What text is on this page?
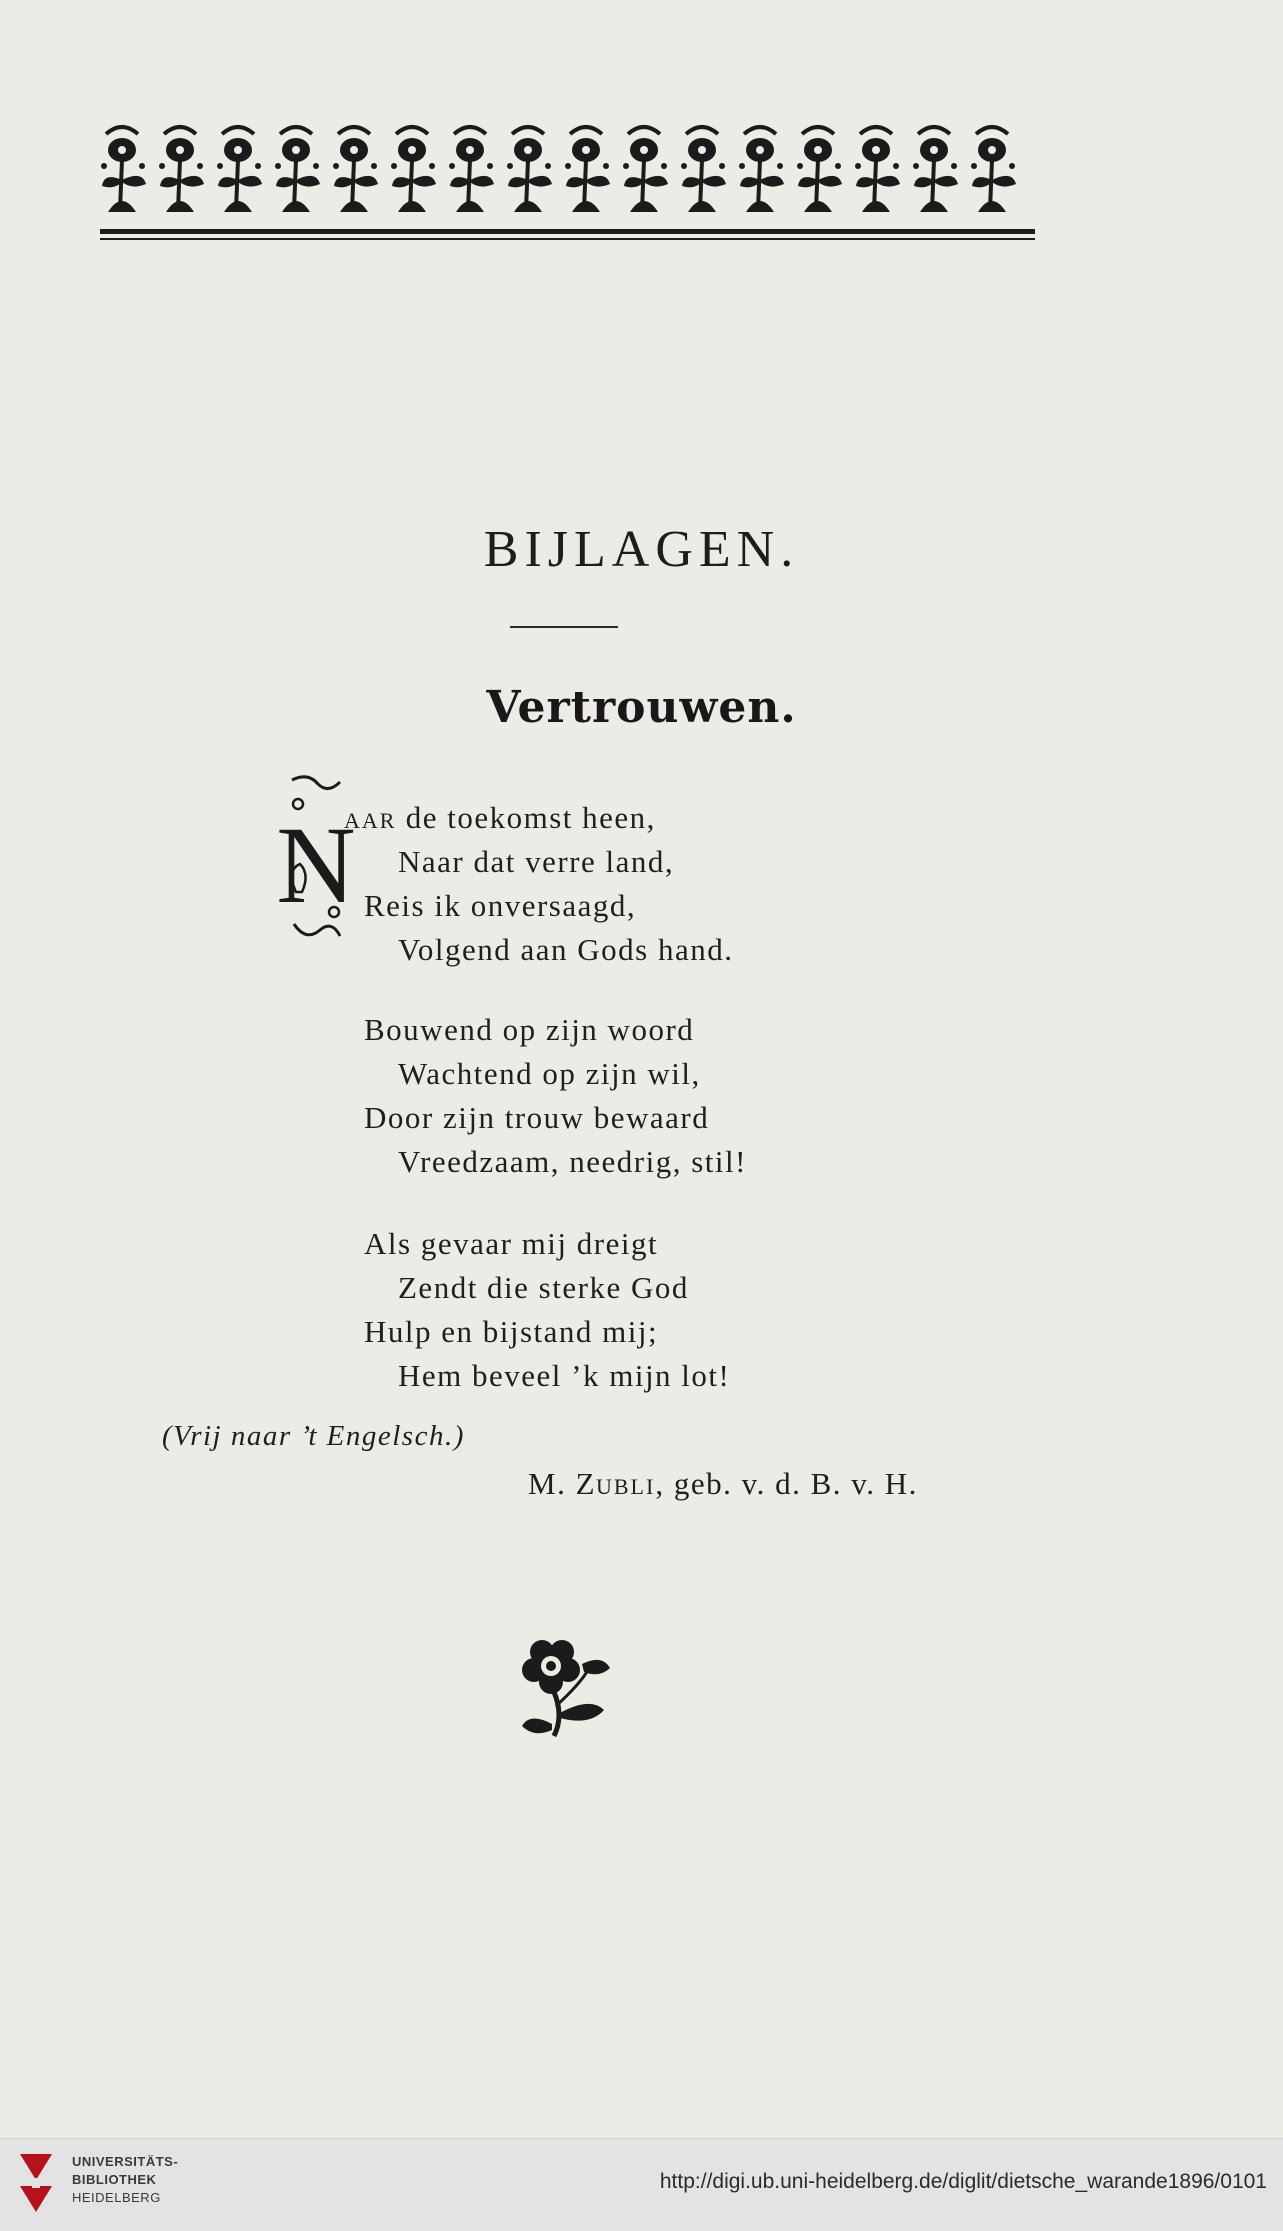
BIJLAGEN.
Vertrouwen.
N
AAR de toekomst heen,
Naar dat verre land,
Reis ik onversaagd,
Volgend aan Gods hand.
Bouwend op zijn woord
Wachtend op zijn wil,
Door zijn trouw bewaard
Vreedzaam, needrig, stil!
Als gevaar mij dreigt
Zendt die sterke God
Hulp en bijstand mij;
Hem beveel ’k mijn lot!
(Vrij naar ’t Engelsch.)
M. ZUBLI, geb. v. d. B. v. H.
UNIVERSITÄTS-
BIBLIOTHEK
HEIDELBERG
http://digi.ub.uni-heidelberg.de/diglit/dietsche_warande1896/0101
